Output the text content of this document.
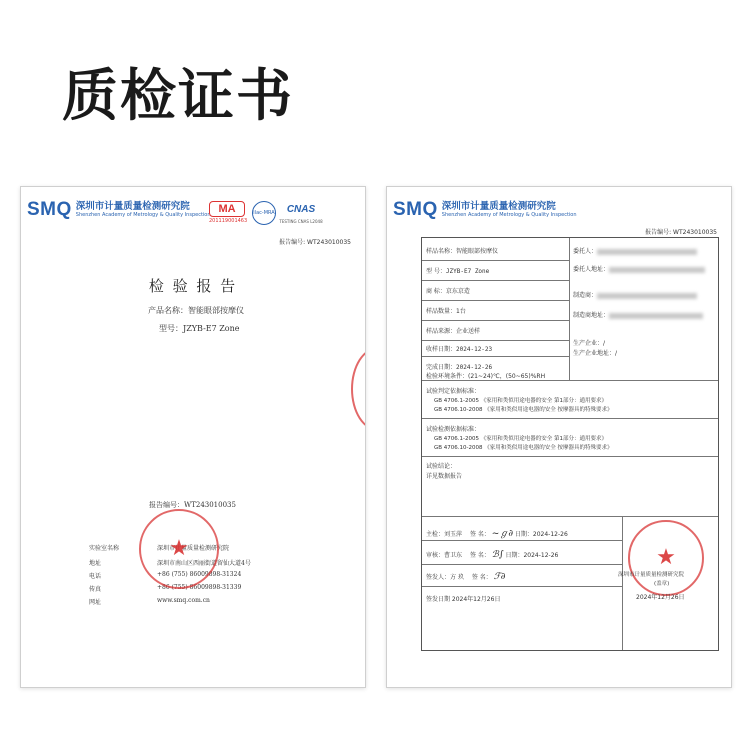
质检证书
SMQ 深圳市计量质量检测研究院
Shenzhen Academy of Metrology & Quality Inspection MA
201119001463
ilac-MRA	CNAS
TESTING CNAS L2048
报告编号: WT243010035
检 验 报 告
产品名称：智能眼部按摩仪
型号：JZYB-E7 Zone
报告编号：WT243010035
实验室名称	深圳市计量质量检测研究院
地址	深圳市南山区西丽街道留仙大道4号
电话	+86 (755) 86009898-31324
传真	+86 (755) 86009898-31339
网址	www.smq.com.cn
★
SMQ 深圳市计量质量检测研究院
Shenzhen Academy of Metrology & Quality Inspection
报告编号: WT243010035
样品名称：智能眼部按摩仪
型 号：JZYB-E7 Zone
商 标：京东京造
样品数量：1台
样品来源：企业送样
收样日期：2024-12-23
完成日期：2024-12-26
委托人：
委托人地址：
制造商：
制造商地址：
生产企业：/
生产企业地址：/
检验环境条件：(21~24)℃，(50~65)%RH
试验判定依据标准：
GB 4706.1-2005 《家用和类似用途电器的安全 第1部分：通用要求》
GB 4706.10-2008 《家用和类似用途电器的安全 按摩器具的特殊要求》
试验检测依据标准：
GB 4706.1-2005 《家用和类似用途电器的安全 第1部分：通用要求》
GB 4706.10-2008 《家用和类似用途电器的安全 按摩器具的特殊要求》
试验结论：
详见数据报告
主检：刘玉萍 签 名： ~ℊ∂ 日期：2024-12-26
审核：曹卫东 签 名： ℬ∫ 日期：2024-12-26
签发人：方 玖 签 名： ℱ∂
签发日期 2024年12月26日
★
深圳市计量质量检测研究院
(盖章)
2024年12月26日
